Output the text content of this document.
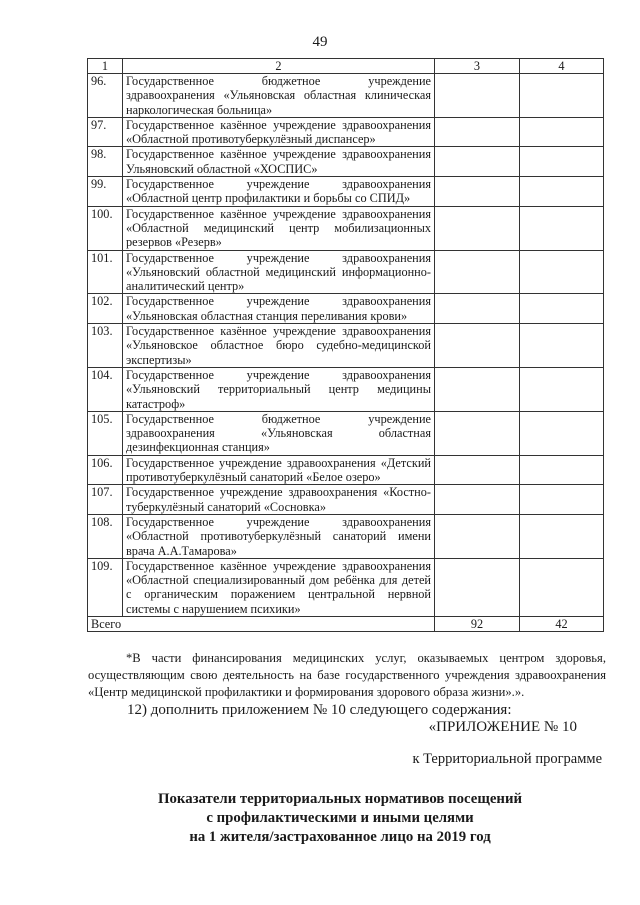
49
1	2	3	4
96.	Государственное бюджетное учреждение здравоохранения «Ульяновская областная клиническая наркологическая больница»		
97.	Государственное казённое учреждение здравоохранения «Областной противотуберкулёзный диспансер»		
98.	Государственное казённое учреждение здравоохранения Ульяновский областной «ХОСПИС»		
99.	Государственное учреждение здравоохранения «Областной центр профилактики и борьбы со СПИД»		
100.	Государственное казённое учреждение здравоохранения «Областной медицинский центр мобилизационных резервов «Резерв»		
101.	Государственное учреждение здравоохранения «Ульяновский областной медицинский информационно-аналитический центр»		
102.	Государственное учреждение здравоохранения «Ульяновская областная станция переливания крови»		
103.	Государственное казённое учреждение здравоохранения «Ульяновское областное бюро судебно-медицинской экспертизы»		
104.	Государственное учреждение здравоохранения «Ульяновский территориальный центр медицины катастроф»		
105.	Государственное бюджетное учреждение здравоохранения «Ульяновская областная дезинфекционная станция»		
106.	Государственное учреждение здравоохранения «Детский противотуберкулёзный санаторий «Белое озеро»		
107.	Государственное учреждение здравоохранения «Костно-туберкулёзный санаторий «Сосновка»		
108.	Государственное учреждение здравоохранения «Областной противотуберкулёзный санаторий имени врача А.А.Тамарова»		
109.	Государственное казённое учреждение здравоохранения «Областной специализированный дом ребёнка для детей с органическим поражением центральной нервной системы с нарушением психики»		
Всего		92	42

*В части финансирования медицинских услуг, оказываемых центром здоровья, осуществляющим свою деятельность на базе государственного учреждения здравоохранения «Центр медицинской профилактики и формирования здорового образа жизни».».

12) дополнить приложением № 10 следующего содержания:

«ПРИЛОЖЕНИЕ № 10

к Территориальной программе

Показатели территориальных нормативов посещений
с профилактическими и иными целями
на 1 жителя/застрахованное лицо на 2019 год
